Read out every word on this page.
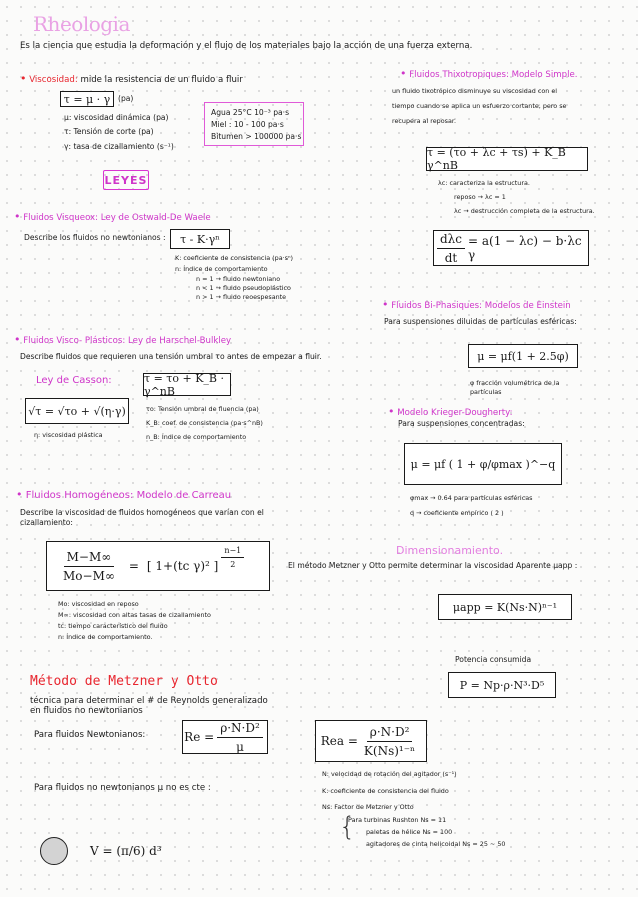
Rheologia
Es la ciencia que estudia la deformación y el flujo de los materiales bajo la acción de una fuerza externa.
• Viscosidad: mide la resistencia de un fluido a fluir
τ = μ · γ (pa)
μ: viscosidad dinámica (pa)
τ: Tensión de corte (pa)
γ: tasa de cizallamiento (s⁻¹)
Agua 25°C 10⁻³ pa·s
Miel : 10 - 100 pa·s
Bitumen > 100000 pa·s
LEYES
• Fluidos Visqueox: Ley de Ostwald-De Waele
Describe los fluidos no newtonianos : τ - K·γⁿ
K: coeficiente de consistencia (pa·sⁿ)
n: Índice de comportamiento
n = 1 → fluido newtoniano
n < 1 → fluido pseudoplástico
n > 1 → fluido reoespesante
• Fluidos Visco- Plásticos: Ley de Harschel-Bulkley
Describe fluidos que requieren una tensión umbral τo antes de empezar a fluir.
Ley de Casson:	τ = τo + K_B · γ^nB
√τ = √τo + √(η·γ)
η: viscosidad plástica
τo: Tensión umbral de fluencia (pa)
K_B: coef. de consistencia (pa·s^nB)
n_B: Índice de comportamiento
• Fluidos Homogéneos: Modelo de Carreau
Describe la viscosidad de fluidos homogéneos que varían con el
cizallamiento:
$\frac{M-M\infty}{Mo-M\infty}$ = [ 1+(tc γ)² ] $\frac{n-1}{2}$
Mo: viscosidad en reposo
M∞: viscosidad con altas tasas de cizallamiento
tc: tiempo característico del fluido
n: Índice de comportamiento.
Método de Metzner y Otto
técnica para determinar el # de Reynolds generalizado
en fluidos no newtonianos
Para fluidos Newtonianos:	$Re = \frac{\text{ρ·N·D²}}{\mu}$	Rea = $\frac{\text{ρ·N·D²}}{\text{K(Ns)¹⁻ⁿ}}$
Para fluidos no newtonianos μ no es cte :
N: velocidad de rotación del agitador (s⁻¹)
K: coeficiente de consistencia del fluido
Ns: Factor de Metzner y Otto
{
Para turbinas Rushton Ns = 11
paletas de hélice Ns = 100
agitadores de cinta helicoidal Ns = 25 ~ 50
V = (π/6) d³
• Fluidos Thixotropiques: Modelo Simple.
un fluido tixotrópico disminuye su viscosidad con el
tiempo cuando se aplica un esfuerzo cortante, pero se
recupera al reposar.
τ = (τo + λc + τs) + K_B γ^nB
λc: caracteriza la estructura.
reposo → λc = 1
λc → destrucción completa de la estructura.
$\frac{\text{dλc}}{dt} = a(1 - \lambda c) - b\cdot\lambda c$ γ
• Fluidos Bi-Phasiques: Modelos de Einstein
Para suspensiones diluidas de partículas esféricas:
μ = μf(1 + 2.5φ)
φ fracción volumétrica de la partículas
• Modelo Krieger-Dougherty:
Para suspensiones concentradas:
μ = μf ( 1 + φ/φmax )^−q
φmax → 0.64 para partículas esféricas
q → coeficiente empírico ( 2 )
Dimensionamiento.
El método Metzner y Otto permite determinar la viscosidad Aparente μapp :
μapp = K(Ns·N)ⁿ⁻¹
Potencia consumida
P = Np·ρ·N³·D⁵
